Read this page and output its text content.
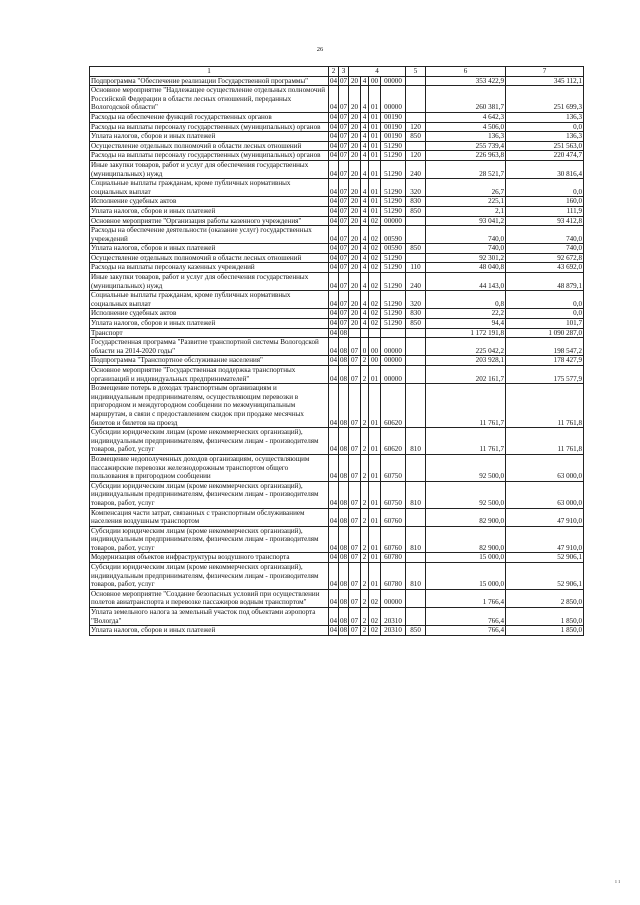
26
1	2	3	4				5	6	7
Подпрограмма "Обеспечение реализации Государственной программы"	04	07	20	4	00	00000		353 422,9	345 112,1
Основное мероприятие "Надлежащее осуществление отдельных полномочий Российской Федерации в области лесных отношений, переданных Вологодской области"	04	07	20	4	01	00000		260 381,7	251 699,3
Расходы на обеспечение функций государственных органов	04	07	20	4	01	00190		4 642,3	136,3
Расходы на выплаты персоналу государственных (муниципальных) органов	04	07	20	4	01	00190	120	4 506,0	0,0
Уплата налогов, сборов и иных платежей	04	07	20	4	01	00190	850	136,3	136,3
Осуществление отдельных полномочий в области лесных отношений	04	07	20	4	01	51290		255 739,4	251 563,0
Расходы на выплаты персоналу государственных (муниципальных) органов	04	07	20	4	01	51290	120	226 963,8	220 474,7
Иные закупки товаров, работ и услуг для обеспечения государственных (муниципальных) нужд	04	07	20	4	01	51290	240	28 521,7	30 816,4
Социальные выплаты гражданам, кроме публичных нормативных социальных выплат	04	07	20	4	01	51290	320	26,7	0,0
Исполнение судебных актов	04	07	20	4	01	51290	830	225,1	160,0
Уплата налогов, сборов и иных платежей	04	07	20	4	01	51290	850	2,1	111,9
Основное мероприятие "Организация работы казенного учреждения"	04	07	20	4	02	00000		93 041,2	93 412,8
Расходы на обеспечение деятельности (оказание услуг) государственных учреждений	04	07	20	4	02	00590		740,0	740,0
Уплата налогов, сборов и иных платежей	04	07	20	4	02	00590	850	740,0	740,0
Осуществление отдельных полномочий в области лесных отношений	04	07	20	4	02	51290		92 301,2	92 672,8
Расходы на выплаты персоналу казенных учреждений	04	07	20	4	02	51290	110	48 040,8	43 692,0
Иные закупки товаров, работ и услуг для обеспечения государственных (муниципальных) нужд	04	07	20	4	02	51290	240	44 143,0	48 879,1
Социальные выплаты гражданам, кроме публичных нормативных социальных выплат	04	07	20	4	02	51290	320	0,8	0,0
Исполнение судебных актов	04	07	20	4	02	51290	830	22,2	0,0
Уплата налогов, сборов и иных платежей	04	07	20	4	02	51290	850	94,4	101,7
Транспорт	04	08						1 172 191,8	1 090 287,0
Государственная программа "Развитие транспортной системы Вологодской области на 2014-2020 годы"	04	08	07	0	00	00000		225 042,2	198 547,2
Подпрограмма "Транспортное обслуживание населения"	04	08	07	2	00	00000		203 928,1	178 427,9
Основное мероприятие "Государственная поддержка транспортных организаций и индивидуальных предпринимателей"	04	08	07	2	01	00000		202 161,7	175 577,9
Возмещение потерь в доходах транспортным организациям и индивидуальным предпринимателям, осуществляющим перевозки в пригородном и междугородном сообщении по межмуниципальным маршрутам, в связи с предоставлением скидок при продаже месячных билетов и билетов на проезд	04	08	07	2	01	60620		11 761,7	11 761,8
Субсидии юридическим лицам (кроме некоммерческих организаций), индивидуальным предпринимателям, физическим лицам - производителям товаров, работ, услуг	04	08	07	2	01	60620	810	11 761,7	11 761,8
Возмещение недополученных доходов организациям, осуществляющим пассажирские перевозки железнодорожным транспортом общего пользования в пригородном сообщении	04	08	07	2	01	60750		92 500,0	63 000,0
Субсидии юридическим лицам (кроме некоммерческих организаций), индивидуальным предпринимателям, физическим лицам - производителям товаров, работ, услуг	04	08	07	2	01	60750	810	92 500,0	63 000,0
Компенсация части затрат, связанных с транспортным обслуживанием населения воздушным транспортом	04	08	07	2	01	60760		82 900,0	47 910,0
Субсидии юридическим лицам (кроме некоммерческих организаций), индивидуальным предпринимателям, физическим лицам - производителям товаров, работ, услуг	04	08	07	2	01	60760	810	82 900,0	47 910,0
Модернизация объектов инфраструктуры воздушного транспорта	04	08	07	2	01	60780		15 000,0	52 906,1
Субсидии юридическим лицам (кроме некоммерческих организаций), индивидуальным предпринимателям, физическим лицам - производителям товаров, работ, услуг	04	08	07	2	01	60780	810	15 000,0	52 906,1
Основное мероприятие "Создание безопасных условий при осуществлении полетов авиатранспорта и перевозке пассажиров водным транспортом"	04	08	07	2	02	00000		1 766,4	2 850,0
Уплата земельного налога за земельный участок под объектами аэропорта "Вологда"	04	08	07	2	02	20310		766,4	1 850,0
Уплата налогов, сборов и иных платежей	04	08	07	2	02	20310	850	766,4	1 850,0
ı ı
